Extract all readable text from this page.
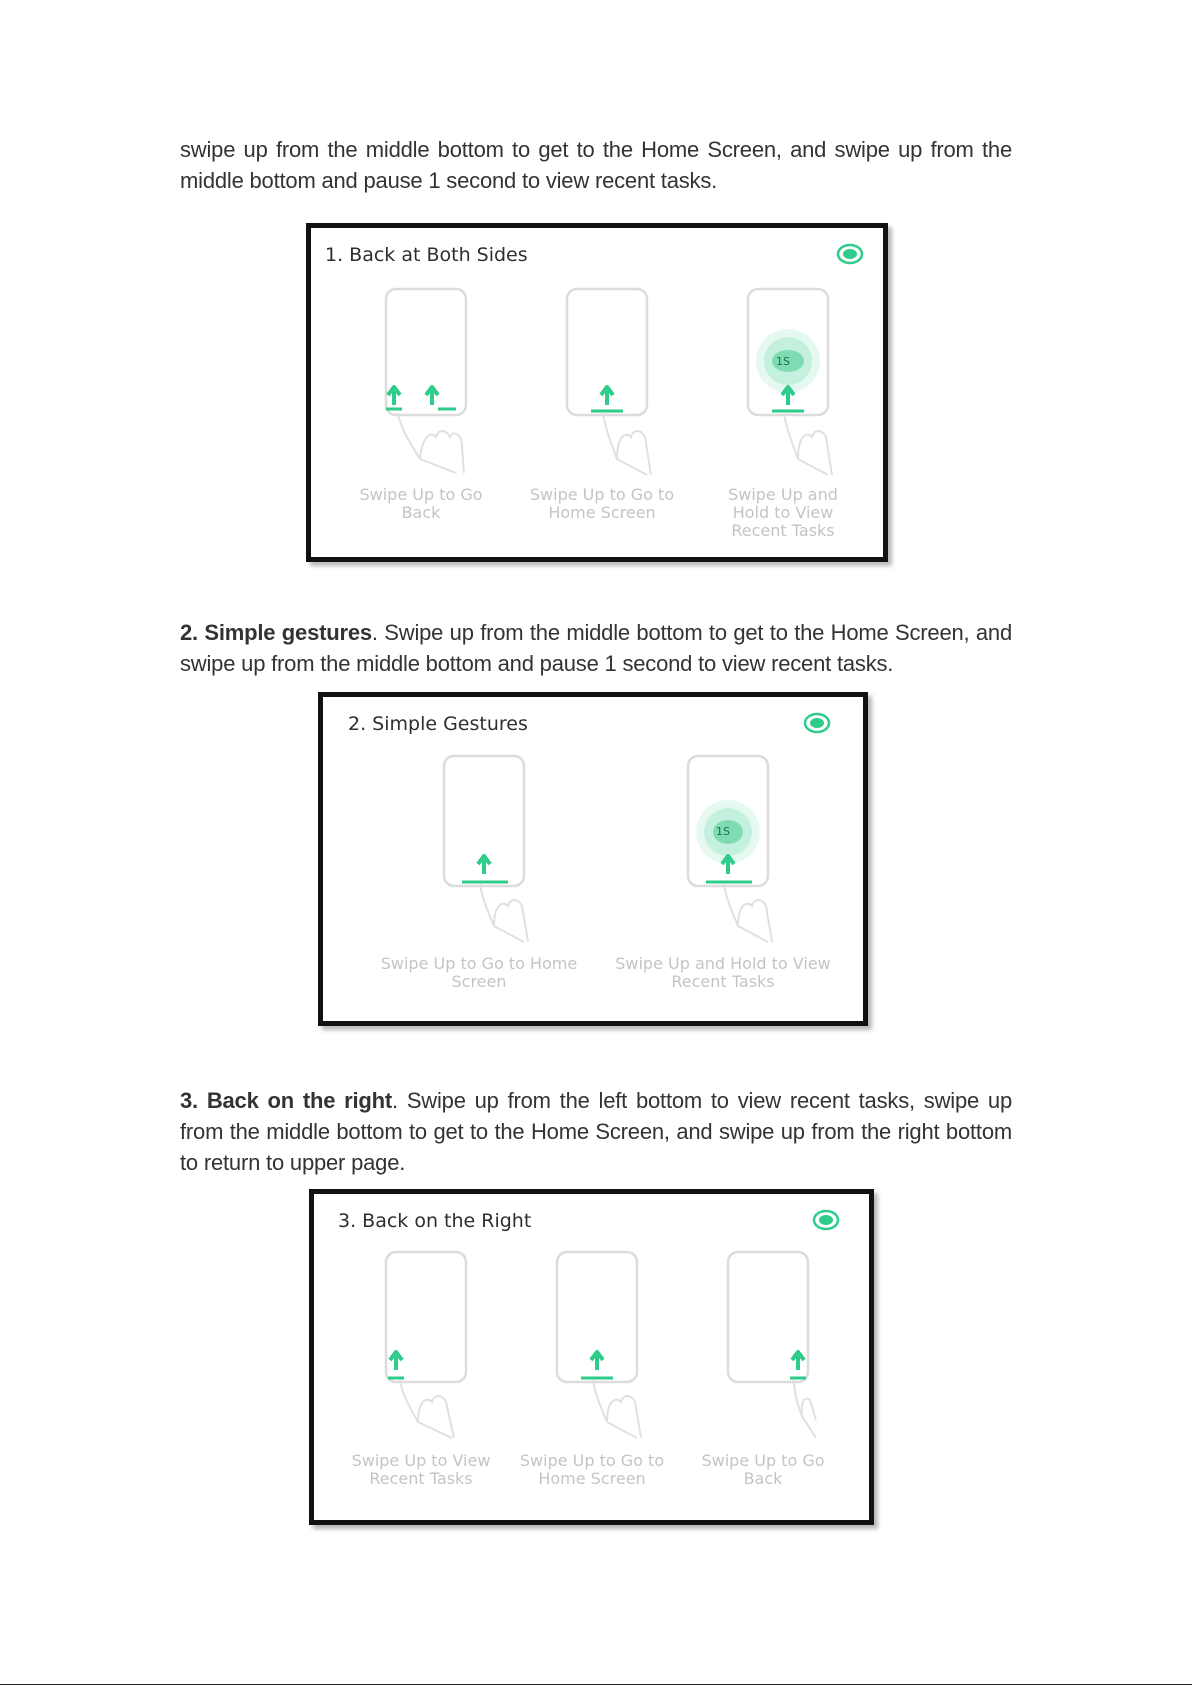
swipe up from the middle bottom to get to the Home Screen, and swipe up from the middle bottom and pause 1 second to view recent tasks.

1. Back at Both Sides
Swipe Up to Go
Back
Swipe Up to Go to
Home Screen
1S
Swipe Up and
Hold to View
Recent Tasks

2. Simple gestures. Swipe up from the middle bottom to get to the Home Screen, and swipe up from the middle bottom and pause 1 second to view recent tasks.

2. Simple Gestures
Swipe Up to Go to Home
Screen
1S
Swipe Up and Hold to View
Recent Tasks

3. Back on the right. Swipe up from the left bottom to view recent tasks, swipe up from the middle bottom to get to the Home Screen, and swipe up from the right bottom to return to upper page.

3. Back on the Right
Swipe Up to View
Recent Tasks
Swipe Up to Go to
Home Screen
Swipe Up to Go
Back
